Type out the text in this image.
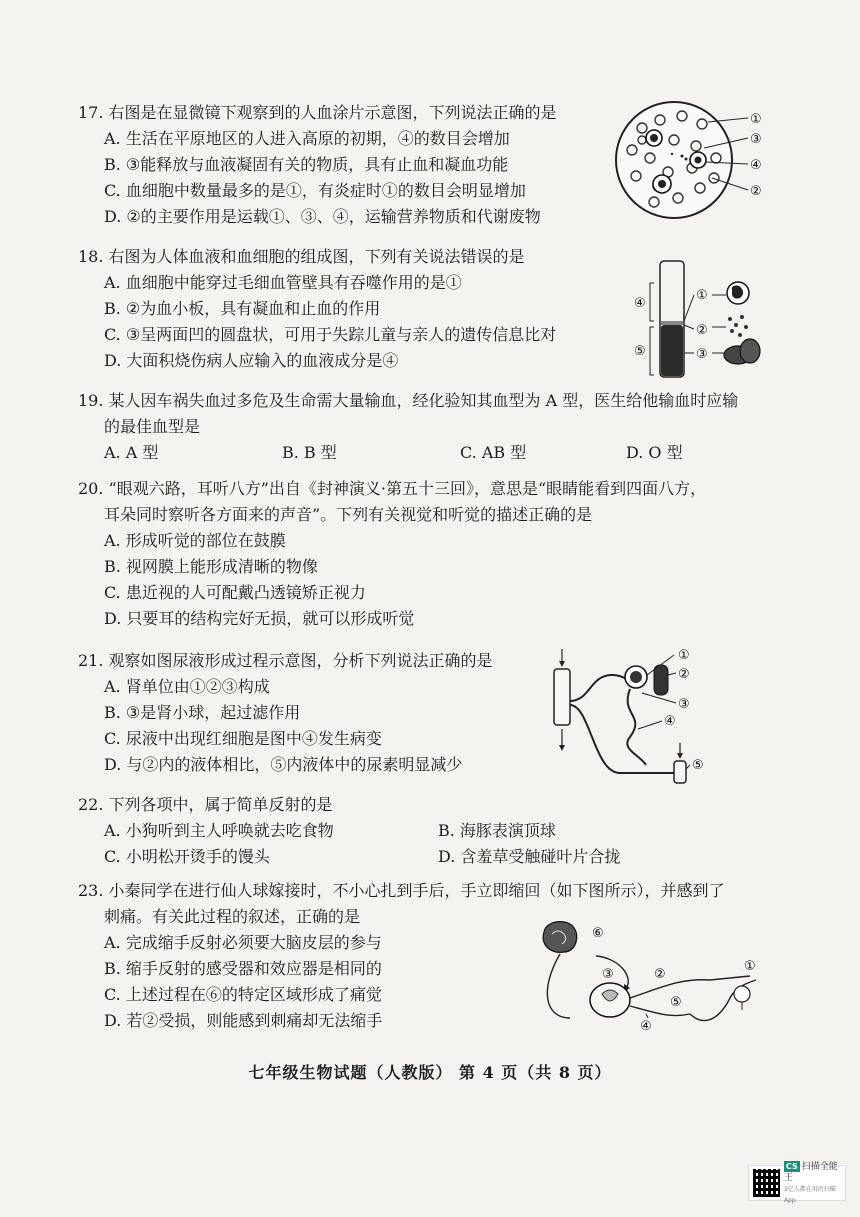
17. 右图是在显微镜下观察到的人血涂片示意图，下列说法正确的是
A. 生活在平原地区的人进入高原的初期，④的数目会增加
B. ③能释放与血液凝固有关的物质，具有止血和凝血功能
C. 血细胞中数量最多的是①，有炎症时①的数目会明显增加
D. ②的主要作用是运载①、③、④，运输营养物质和代谢废物
18. 右图为人体血液和血细胞的组成图，下列有关说法错误的是
A. 血细胞中能穿过毛细血管壁具有吞噬作用的是①
B. ②为血小板，具有凝血和止血的作用
C. ③呈两面凹的圆盘状，可用于失踪儿童与亲人的遗传信息比对
D. 大面积烧伤病人应输入的血液成分是④
19. 某人因车祸失血过多危及生命需大量输血，经化验知其血型为 A 型，医生给他输血时应输
的最佳血型是
A. A 型	B. B 型	C. AB 型	D. O 型
20. “眼观六路，耳听八方”出自《封神演义·第五十三回》，意思是“眼睛能看到四面八方，
耳朵同时察听各方面来的声音”。下列有关视觉和听觉的描述正确的是
A. 形成听觉的部位在鼓膜
B. 视网膜上能形成清晰的物像
C. 患近视的人可配戴凸透镜矫正视力
D. 只要耳的结构完好无损，就可以形成听觉
21. 观察如图尿液形成过程示意图，分析下列说法正确的是
A. 肾单位由①②③构成
B. ③是肾小球，起过滤作用
C. 尿液中出现红细胞是图中④发生病变
D. 与②内的液体相比，⑤内液体中的尿素明显减少
22. 下列各项中，属于简单反射的是
A. 小狗听到主人呼唤就去吃食物	B. 海豚表演顶球
C. 小明松开烫手的馒头	D. 含羞草受触碰叶片合拢
23. 小秦同学在进行仙人球嫁接时，不小心扎到手后，手立即缩回（如下图所示），并感到了
刺痛。有关此过程的叙述，正确的是
A. 完成缩手反射必须要大脑皮层的参与
B. 缩手反射的感受器和效应器是相同的
C. 上述过程在⑥的特定区域形成了痛觉
D. 若②受损，则能感到刺痛却无法缩手
①
③
④
②
④
⑤
①
②
③
①
②
③
④
⑤
⑥
③	②
①
⑤
④
七年级生物试题（人教版） 第 4 页（共 8 页）
CS 扫描全能王
3亿人都在用的扫描App
